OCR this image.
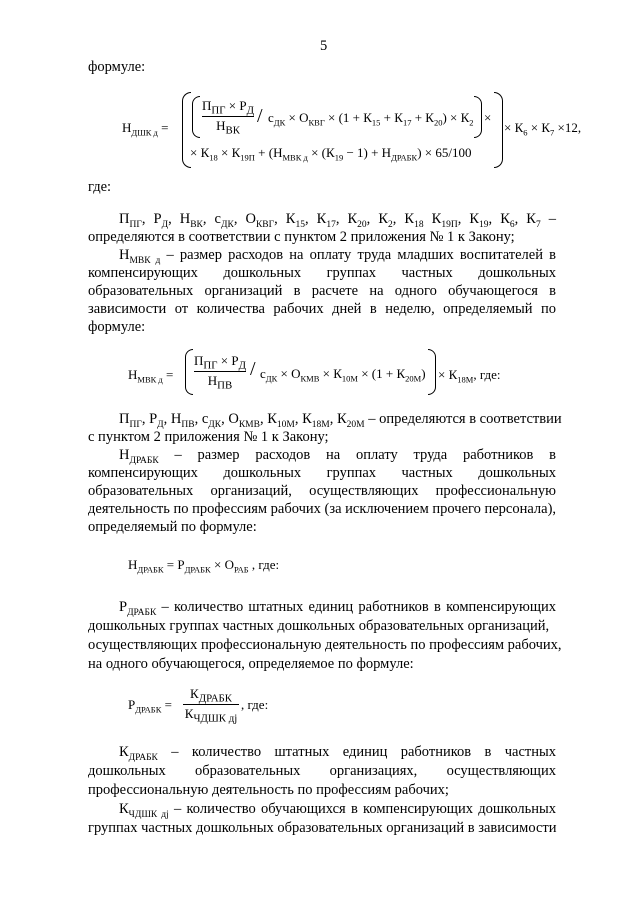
5
формуле:
$Н_{ДШК д}$ =
$П_{ПГ} \times Р_Д$
$Н_{ВК}$
/ $с_{ДК} \times О_{КВГ} \times (1 + К_{15} + К_{17} + К_{20}) \times К_2$ ×
× $К_6 \times К_7 \times 12$,
× $К_{18} \times К_{19П} + (Н_{МВК д} \times (К_{19} - 1) + Н_{ДРАБК}) \times 65/100$
где:
$П_{ПГ}$, $Р_Д$, $Н_{ВК}$, $с_{ДК}$, $О_{КВГ}$, $К_{15}$, $К_{17}$, $К_{20}$, $К_2$, $К_{18}$ $К_{19П}$, $К_{19}$, $К_6$, $К_7$ –
определяются в соответствии с пунктом 2 приложения № 1 к Закону;
$Н_{МВК д}$ – размер расходов на оплату труда младших воспитателей в
компенсирующих дошкольных группах частных дошкольных
образовательных организаций в расчете на одного обучающегося в
зависимости от количества рабочих дней в неделю, определяемый по
формуле:
$Н_{МВК д}$ =
$П_{ПГ} \times Р_Д$
$Н_{ПВ}$
/ $с_{ДК} \times О_{КМВ} \times К_{10М} \times (1 + К_{20М}) \times К_{18М}$, где:
$П_{ПГ}$, $Р_Д$, $Н_{ПВ}$, $с_{ДК}$, $О_{КМВ}$, $К_{10М}$, $К_{18М}$, $К_{20М}$ – определяются в соответствии
с пунктом 2 приложения № 1 к Закону;
$Н_{ДРАБК}$ – размер расходов на оплату труда работников в
компенсирующих дошкольных группах частных дошкольных
образовательных организаций, осуществляющих профессиональную
деятельность по профессиям рабочих (за исключением прочего персонала),
определяемый по формуле:
$Н_{ДРАБК} = Р_{ДРАБК} \times О_{РАБ}$ , где:
$Р_{ДРАБК}$ – количество штатных единиц работников в компенсирующих
дошкольных группах частных дошкольных образовательных организаций,
осуществляющих профессиональную деятельность по профессиям рабочих,
на одного обучающегося, определяемое по формуле:
$Р_{ДРАБК}$ =
$К_{ДРАБК}$
$К_{ЧДШК дj}$
, где:
$К_{ДРАБК}$ – количество штатных единиц работников в частных
дошкольных образовательных организациях, осуществляющих
профессиональную деятельность по профессиям рабочих;
$К_{ЧДШК дj}$ – количество обучающихся в компенсирующих дошкольных
группах частных дошкольных образовательных организаций в зависимости
